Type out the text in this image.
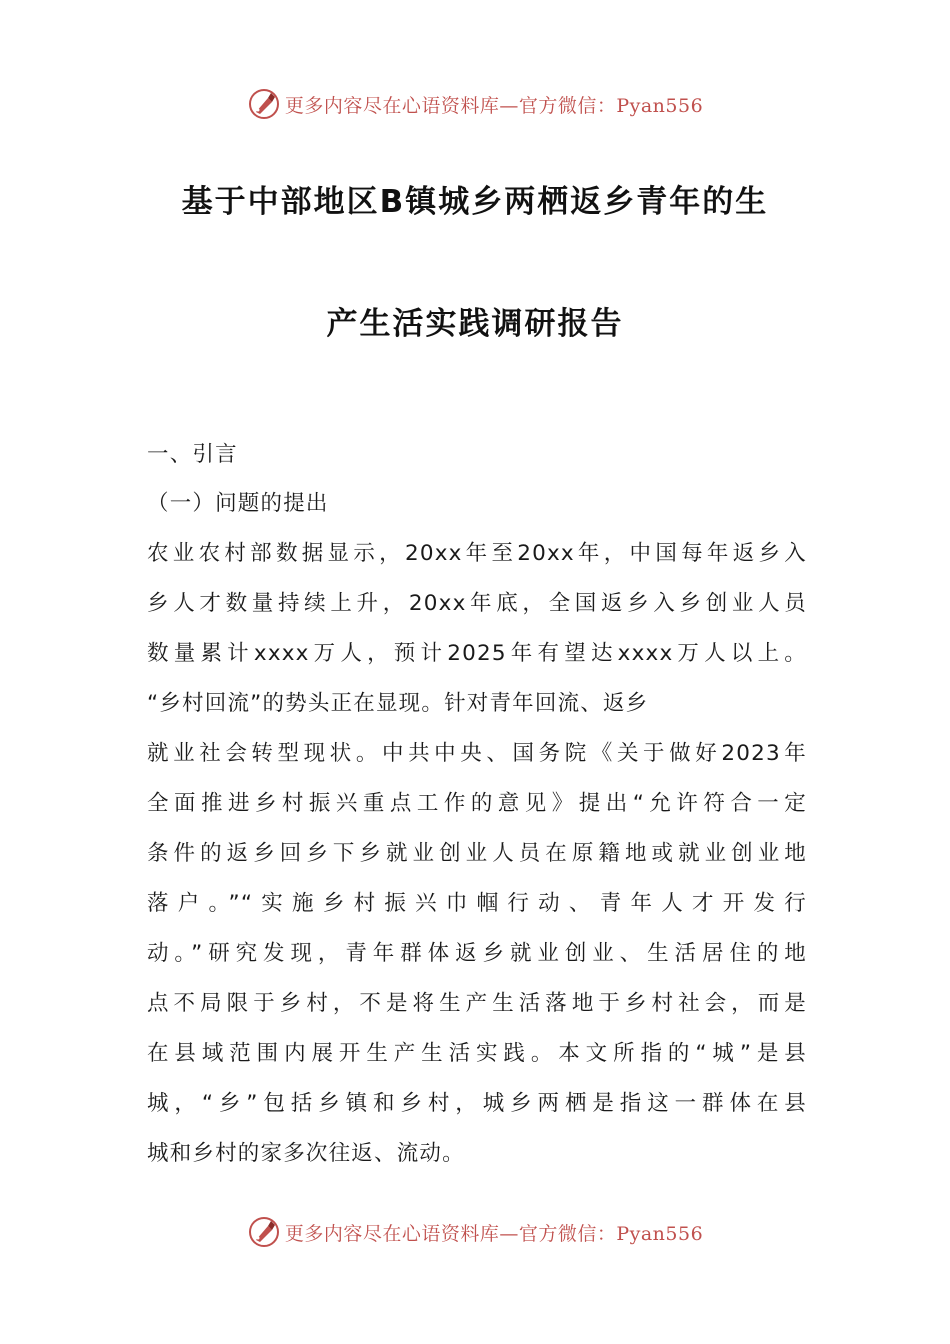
更多内容尽在心语资料库—官方微信：Pyan556
基于中部地区B镇城乡两栖返乡青年的生
产生活实践调研报告
一、引言
（一）问题的提出
农业农村部数据显示，20xx年至20xx年，中国每年返乡入
乡人才数量持续上升，20xx年底，全国返乡入乡创业人员
数量累计xxxx万人，预计2025年有望达xxxx万人以上。
“乡村回流”的势头正在显现。针对青年回流、返乡
就业社会转型现状。中共中央、国务院《关于做好2023年
全面推进乡村振兴重点工作的意见》提出“允许符合一定
条件的返乡回乡下乡就业创业人员在原籍地或就业创业地
落户。”“实施乡村振兴巾帼行动、青年人才开发行
动。”研究发现，青年群体返乡就业创业、生活居住的地
点不局限于乡村，不是将生产生活落地于乡村社会，而是
在县域范围内展开生产生活实践。本文所指的“城”是县
城，“乡”包括乡镇和乡村，城乡两栖是指这一群体在县
城和乡村的家多次往返、流动。
更多内容尽在心语资料库—官方微信：Pyan556
